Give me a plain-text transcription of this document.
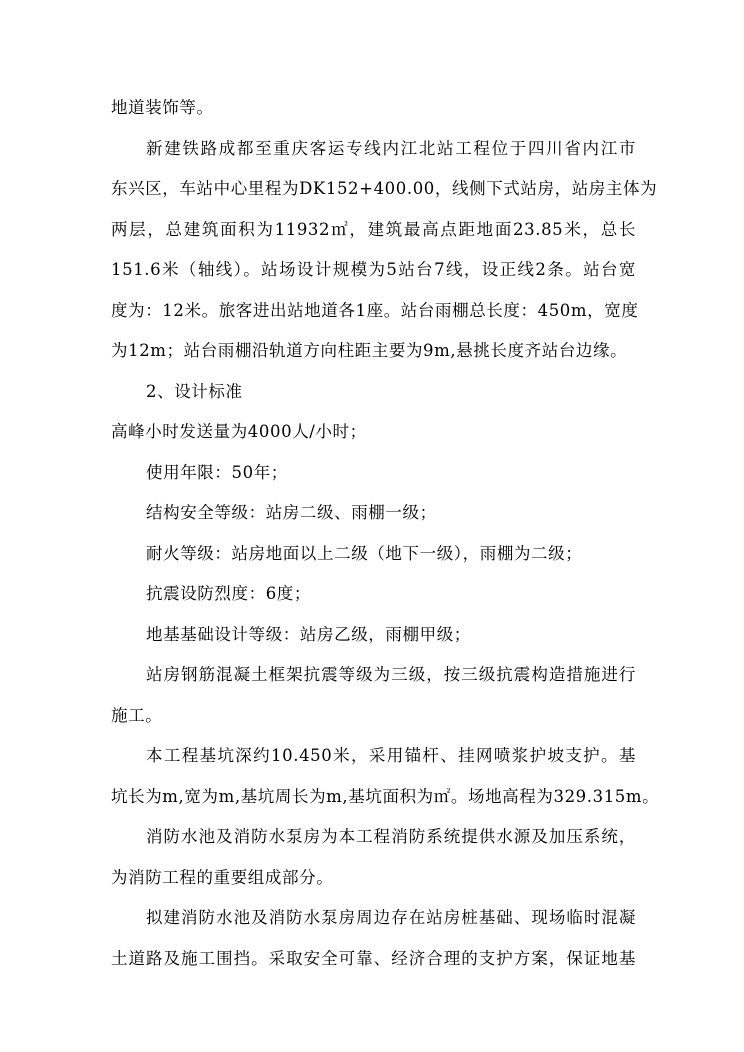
地道装饰等。

新建铁路成都至重庆客运专线内江北站工程位于四川省内江市
东兴区，车站中心里程为DK152+400.00，线侧下式站房，站房主体为
两层，总建筑面积为11932㎡，建筑最高点距地面23.85米，总长
151.6米（轴线）。站场设计规模为5站台7线，设正线2条。站台宽
度为：12米。旅客进出站地道各1座。站台雨棚总长度：450m，宽度
为12m；站台雨棚沿轨道方向柱距主要为9m,悬挑长度齐站台边缘。

2、设计标准

高峰小时发送量为4000人/小时；

使用年限：50年；

结构安全等级：站房二级、雨棚一级；

耐火等级：站房地面以上二级（地下一级），雨棚为二级；

抗震设防烈度：6度；

地基基础设计等级：站房乙级，雨棚甲级；

站房钢筋混凝土框架抗震等级为三级，按三级抗震构造措施进行
施工。

本工程基坑深约10.450米，采用锚杆、挂网喷浆护坡支护。基
坑长为m,宽为m,基坑周长为m,基坑面积为㎡。场地高程为329.315m。

消防水池及消防水泵房为本工程消防系统提供水源及加压系统，
为消防工程的重要组成部分。

拟建消防水池及消防水泵房周边存在站房桩基础、现场临时混凝
土道路及施工围挡。采取安全可靠、经济合理的支护方案，保证地基
